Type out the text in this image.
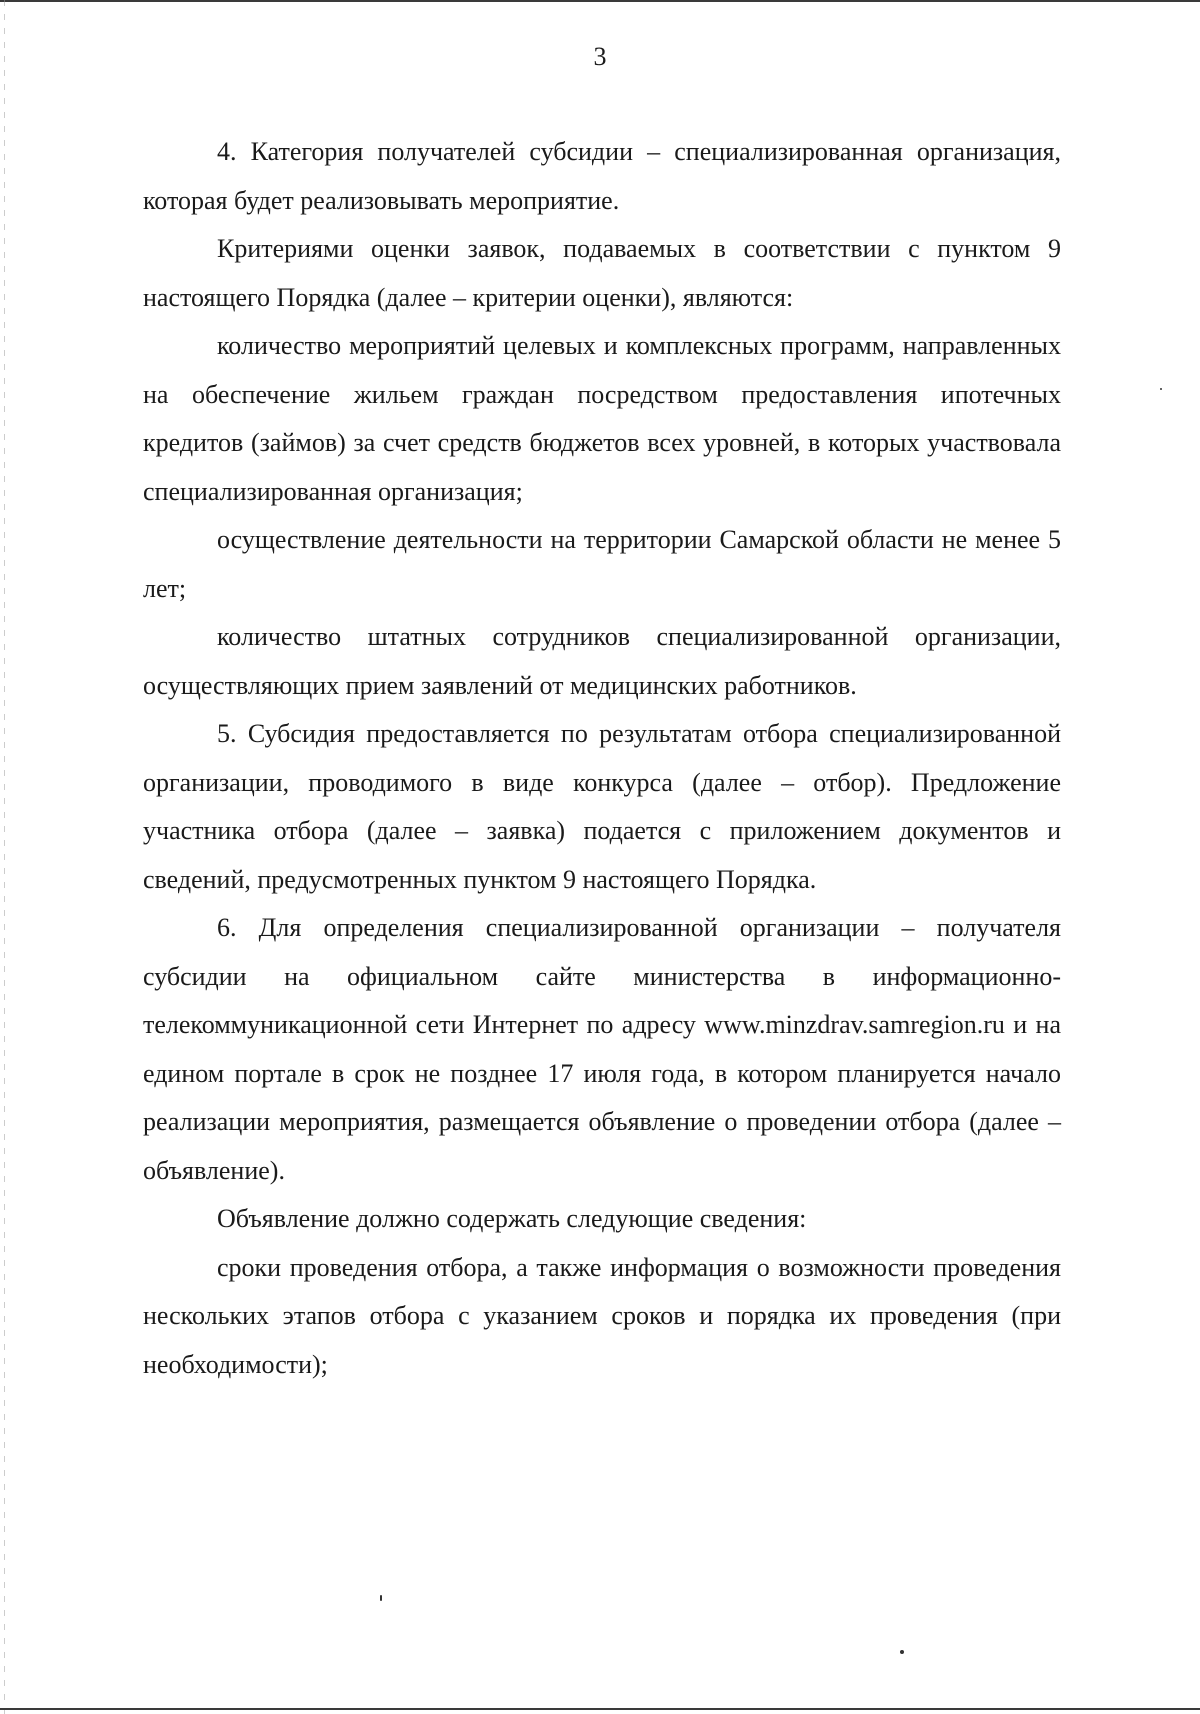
3

4. Категория получателей субсидии – специализированная организация, которая будет реализовывать мероприятие.

Критериями оценки заявок, подаваемых в соответствии с пунктом 9 настоящего Порядка (далее – критерии оценки), являются:

количество мероприятий целевых и комплексных программ, направленных на обеспечение жильем граждан посредством предоставления ипотечных кредитов (займов) за счет средств бюджетов всех уровней, в которых участвовала специализированная организация;

осуществление деятельности на территории Самарской области не менее 5 лет;

количество штатных сотрудников специализированной организации, осуществляющих прием заявлений от медицинских работников.

5. Субсидия предоставляется по результатам отбора специализированной организации, проводимого в виде конкурса (далее – отбор). Предложение участника отбора (далее – заявка) подается с приложением документов и сведений, предусмотренных пунктом 9 настоящего Порядка.

6. Для определения специализированной организации – получателя субсидии на официальном сайте министерства в информационно-телекоммуникационной сети Интернет по адресу www.minzdrav.samregion.ru и на едином портале в срок не позднее 17 июля года, в котором планируется начало реализации мероприятия, размещается объявление о проведении отбора (далее – объявление).

Объявление должно содержать следующие сведения:

сроки проведения отбора, а также информация о возможности проведения нескольких этапов отбора с указанием сроков и порядка их проведения (при необходимости);
